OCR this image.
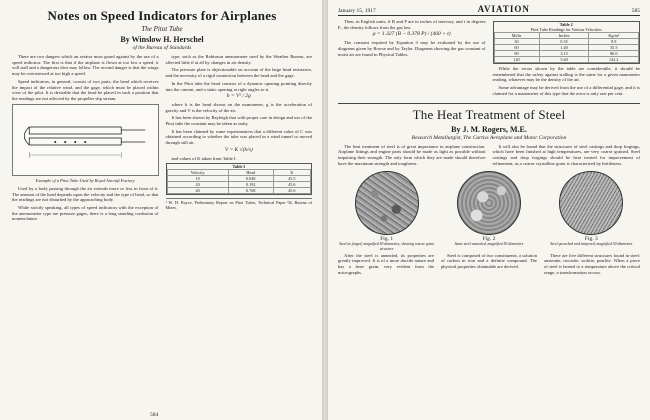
Notes on Speed Indicators for Airplanes
The Pitot Tube
By Winslow H. Herschel
of the Bureau of Standards

There are two dangers which an aviator must guard against by the use of a speed indicator. The first is that if the airplane is flown at too low a speed, it will stall and a dangerous dive may follow. The second danger is that the wings may be overstressed at too high a speed.

Speed indicators, in general, consist of two parts, the head which receives the impact of the relative wind, and the gage, which must be placed within view of the pilot. It is desirable that the head be placed in such a position that the readings are not affected by the propeller slip stream.

Example of a Pitot Tube Used by Royal Aircraft Factory

Used by a body passing through the air extends more or less in front of it. The amount of the head depends upon the velocity and the type of head, so that the readings are not disturbed by the approaching body.

While strictly speaking, all types of speed indicators with the exception of the anemometer type are pressure gages, there is a long standing confusion of nomenclature.

type, such as the Robinson anemometer used by the Weather Bureau, are affected little if at all by changes in air density.

The pressure plate is objectionable on account of the large head resistance, and the necessity of a rigid connection between the head and the gage.

In the Pitot tube the head consists of a dynamic opening pointing directly into the current, and a static opening at right angles to it.

h = V² / 2g

where h is the head shown on the manometer, g is the acceleration of gravity and V is the velocity of the air.

It has been shown by Rayleigh that with proper care in design and use of the Pitot tube the constant may be taken as unity.

It has been claimed by some experimenters that a different value of C was obtained according to whether the tube was placed in a wind tunnel or moved through still air.

V = K √(h/s)

and values of K taken from Table I.

Table I
Velocity	Head	K
10	0.048	45.5
20	0.192	45.6
40	0.768	45.6
¹ W. H. Boyce, Preliminary Report on Pitot Tubes, Technical Paper 94, Bureau of Mines.
584
January 15, 1917	AVIATION	585

Then, in English units, if B and P are in inches of mercury, and t in degrees F., the density follows from the gas law.

ρ = 1.327 (B − 0.378 P) / (460 + t)

The constant required by Equation 3 may be evaluated by the use of diagrams given by Rowse and by Taylor. Diagrams showing the gas constant of moist air are found in Physical Tables.

Table 2
Pitot Tube Readings for Various Velocities
Mi/hr	Inches	Kg/m²
30	0.35	8.9
60	1.40	35.5
90	3.15	80.0
120	5.60	142.2

While the errors shown by the table are considerable, it should be remembered that the safety against stalling is the same for a given manometer reading, whatever may be the density of the air.

Some advantage may be derived from the use of a differential gage, and it is claimed for a manometer of this type that the error is only one per cent.

The Heat Treatment of Steel
By J. M. Rogers, M.E.
Research Metallurgist, The Curtiss Aeroplane and Motor Corporation

The heat treatment of steel is of great importance in airplane construction. Airplane fittings and engine parts should be made as light as possible without impairing their strength. The only form which they are made should therefore have the maximum strength and toughness.

It will also be found that the structures of steel castings and drop forgings, which have been finished at high temperatures, are very coarse grained. Steel castings and drop forgings should be heat treated for improvement of refinement, as a coarse crystalline grain is characterized by brittleness.

Fig. 1
Steel as forged, magnified 50 diameters, showing coarse grain structure
Fig. 2
Same steel annealed, magnified 50 diameters
Fig. 3
Steel quenched and tempered, magnified 50 diameters

After the steel is annealed, its properties are greatly improved. It is of a more ductile nature and has a finer grain, very evident from the micrographs.

Steel is composed of two constituents, a solution of carbon in iron and a definite compound. The physical properties obtainable are derived.

There are five different structures found in steel: austenite, troostite, sorbite, pearlite. When a piece of steel is heated to a temperature above the critical range, a transformation occurs.
